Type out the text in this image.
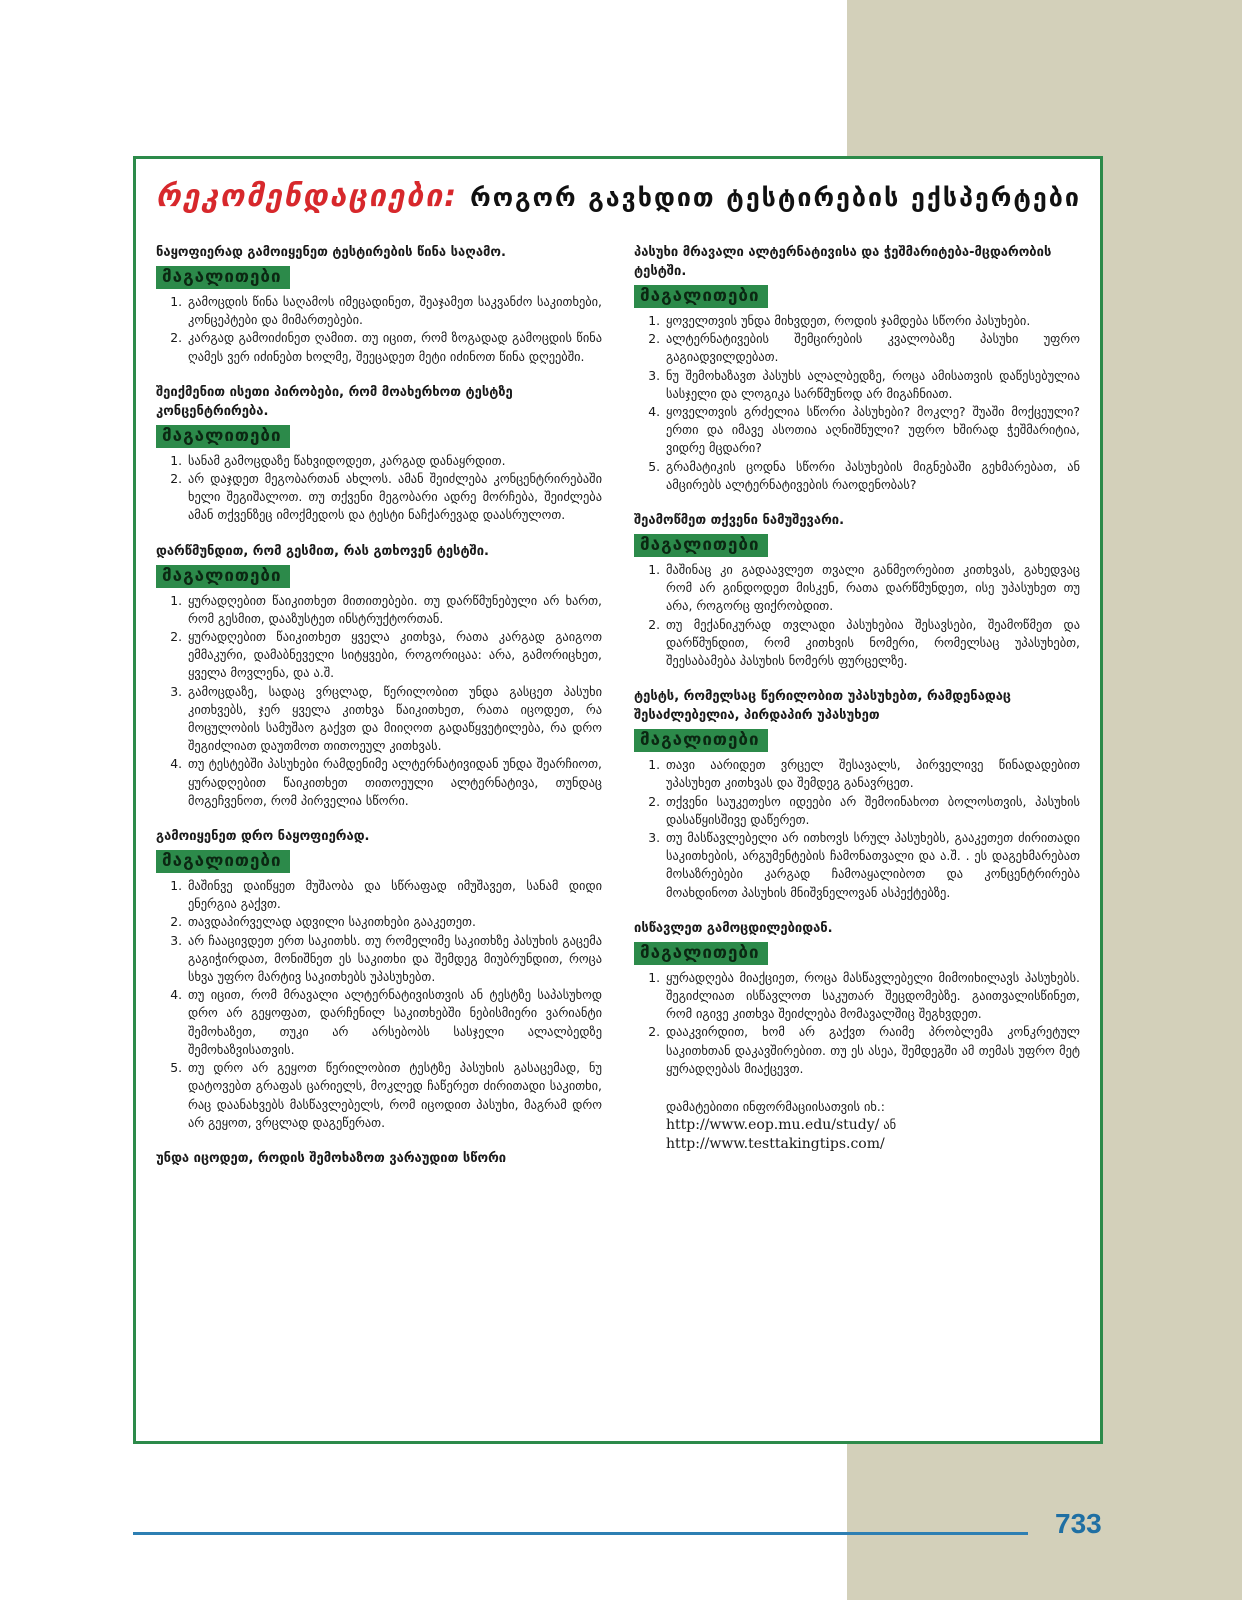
რეკომენდაციები: როგორ გავხდით ტესტირების ექსპერტები
ნაყოფიერად გამოიყენეთ ტესტირების წინა საღამო.
მაგალითები
1. გამოცდის წინა საღამოს იმეცადინეთ, შეაჯამეთ საკვანძო საკითხები, კონცეპტები და მიმართებები.
2. კარგად გამოიძინეთ ღამით. თუ იცით, რომ ზოგადად გამოცდის წინა ღამეს ვერ იძინებთ ხოლმე, შეეცადეთ მეტი იძინოთ წინა დღეებში.
შეიქმენით ისეთი პირობები, რომ მოახერხოთ ტესტზე კონცენტრირება.
მაგალითები
1. სანამ გამოცდაზე წახვიდოდეთ, კარგად დანაყრდით.
2. არ დაჯდეთ მეგობართან ახლოს. ამან შეიძლება კონცენტრირებაში ხელი შეგიშალოთ. თუ თქვენი მეგობარი ადრე მორჩება, შეიძლება ამან თქვენზეც იმოქმედოს და ტესტი ნაჩქარევად დაასრულოთ.
დარწმუნდით, რომ გესმით, რას გთხოვენ ტესტში.
მაგალითები
1. ყურადღებით წაიკითხეთ მითითებები. თუ დარწმუნებული არ ხართ, რომ გესმით, დააზუსტეთ ინსტრუქტორთან.
2. ყურადღებით წაიკითხეთ ყველა კითხვა, რათა კარგად გაიგოთ ემმაკური, დამაბნეველი სიტყვები, როგორიცაა: არა, გამორიცხეთ, ყველა მოვლენა, და ა.შ.
3. გამოცდაზე, სადაც ვრცლად, წერილობით უნდა გასცეთ პასუხი კითხვებს, ჯერ ყველა კითხვა წაიკითხეთ, რათა იცოდეთ, რა მოცულობის სამუშაო გაქვთ და მიიღოთ გადაწყვეტილება, რა დრო შეგიძლიათ დაუთმოთ თითოეულ კითხვას.
4. თუ ტესტებში პასუხები რამდენიმე ალტერნატივიდან უნდა შეარჩიოთ, ყურადღებით წაიკითხეთ თითოეული ალტერნატივა, თუნდაც მოგეჩვენოთ, რომ პირველია სწორი.
გამოიყენეთ დრო ნაყოფიერად.
მაგალითები
1. მაშინვე დაიწყეთ მუშაობა და სწრაფად იმუშავეთ, სანამ დიდი ენერგია გაქვთ.
2. თავდაპირველად ადვილი საკითხები გააკეთეთ.
3. არ ჩააცივდეთ ერთ საკითხს. თუ რომელიმე საკითხზე პასუხის გაცემა გაგიჭირდათ, მონიშნეთ ეს საკითხი და შემდეგ მიუბრუნდით, როცა სხვა უფრო მარტივ საკითხებს უპასუხებთ.
4. თუ იცით, რომ მრავალი ალტერნატივისთვის ან ტესტზე საპასუხოდ დრო არ გეყოფათ, დარჩენილ საკითხებში ნებისმიერი ვარიანტი შემოხაზეთ, თუკი არ არსებობს სასჯელი ალალბედზე შემოხაზვისათვის.
5. თუ დრო არ გეყოთ წერილობით ტესტზე პასუხის გასაცემად, ნუ დატოვებთ გრაფას ცარიელს, მოკლედ ჩაწერეთ ძირითადი საკითხი, რაც დაანახვებს მასწავლებელს, რომ იცოდით პასუხი, მაგრამ დრო არ გეყოთ, ვრცლად დაგეწერათ.
უნდა იცოდეთ, როდის შემოხაზოთ ვარაუდით სწორი
პასუხი მრავალი ალტერნატივისა და ჭეშმარიტება-მცდარობის ტესტში.
მაგალითები
1. ყოველთვის უნდა მიხვდეთ, როდის ჯამდება სწორი პასუხები.
2. ალტერნატივების შემცირების კვალობაზე პასუხი უფრო გაგიადვილდებათ.
3. ნუ შემოხაზავთ პასუხს ალალბედზე, როცა ამისათვის დაწესებულია სასჯელი და ლოგიკა სარწმუნოდ არ მიგაჩნიათ.
4. ყოველთვის გრძელია სწორი პასუხები? მოკლე? შუაში მოქცეული? ერთი და იმავე ასოთია აღნიშნული? უფრო ხშირად ჭეშმარიტია, ვიდრე მცდარი?
5. გრამატიკის ცოდნა სწორი პასუხების მიგნებაში გეხმარებათ, ან ამცირებს ალტერნატივების რაოდენობას?
შეამოწმეთ თქვენი ნამუშევარი.
მაგალითები
1. მაშინაც კი გადაავლეთ თვალი განმეორებით კითხვას, გახედვაც რომ არ გინდოდეთ მისკენ, რათა დარწმუნდეთ, ისე უპასუხეთ თუ არა, როგორც ფიქრობდით.
2. თუ მექანიკურად თვლადი პასუხებია შესავსები, შეამოწმეთ და დარწმუნდით, რომ კითხვის ნომერი, რომელსაც უპასუხებთ, შეესაბამება პასუხის ნომერს ფურცელზე.
ტესტს, რომელსაც წერილობით უპასუხებთ, რამდენადაც შესაძლებელია, პირდაპირ უპასუხეთ
მაგალითები
1. თავი აარიდეთ ვრცელ შესავალს, პირველივე წინადადებით უპასუხეთ კითხვას და შემდეგ განავრცეთ.
2. თქვენი საუკეთესო იდეები არ შემოინახოთ ბოლოსთვის, პასუხის დასაწყისშივე დაწერეთ.
3. თუ მასწავლებელი არ ითხოვს სრულ პასუხებს, გააკეთეთ ძირითადი საკითხების, არგუმენტების ჩამონათვალი და ა.შ. . ეს დაგეხმარებათ მოსაზრებები კარგად ჩამოაყალიბოთ და კონცენტრირება მოახდინოთ პასუხის მნიშვნელოვან ასპექტებზე.
ისწავლეთ გამოცდილებიდან.
მაგალითები
1. ყურადღება მიაქციეთ, როცა მასწავლებელი მიმოიხილავს პასუხებს. შეგიძლიათ ისწავლოთ საკუთარ შეცდომებზე. გაითვალისწინეთ, რომ იგივე კითხვა შეიძლება მომავალშიც შეგხვდეთ.
2. დააკვირდით, ხომ არ გაქვთ რაიმე პრობლემა კონკრეტულ საკითხთან დაკავშირებით. თუ ეს ასეა, შემდეგში ამ თემას უფრო მეტ ყურადღებას მიაქცევთ.
დამატებითი ინფორმაციისათვის იხ.:
http://www.eop.mu.edu/study/ ან
http://www.testtakingtips.com/
733
